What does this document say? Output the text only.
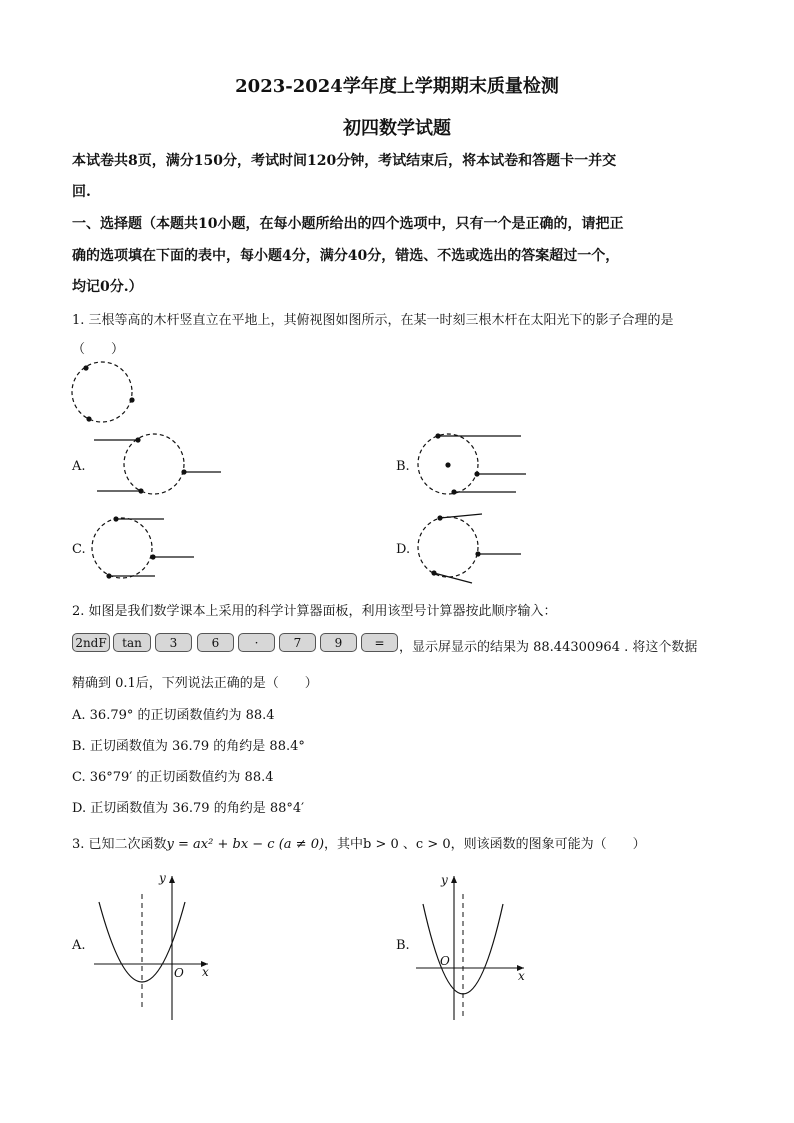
2023-2024学年度上学期期末质量检测
初四数学试题
本试卷共8页，满分150分，考试时间120分钟，考试结束后，将本试卷和答题卡一并交
回.
一、选择题（本题共10小题，在每小题所给出的四个选项中，只有一个是正确的，请把正
确的选项填在下面的表中，每小题4分，满分40分，错选、不选或选出的答案超过一个，
均记0分.）
1. 三根等高的木杆竖直立在平地上，其俯视图如图所示，在某一时刻三根木杆在太阳光下的影子合理的是
（　　）
A.	B.
C.	D.
2. 如图是我们数学课本上采用的科学计算器面板，利用该型号计算器按此顺序输入：
2ndF	tan	3	6	·	7	9	=	，显示屏显示的结果为 88.44300964 . 将这个数据
精确到 0.1后，下列说法正确的是（　　）
A. 36.79° 的正切函数值约为 88.4
B. 正切函数值为 36.79 的角约是 88.4°
C. 36°79′ 的正切函数值约为 88.4
D. 正切函数值为 36.79 的角约是 88°4′
3. 已知二次函数y = ax² + bx − c (a ≠ 0)，其中b > 0 、c > 0，则该函数的图象可能为（　　）
A.
y
x
O
B.
y
x
O
